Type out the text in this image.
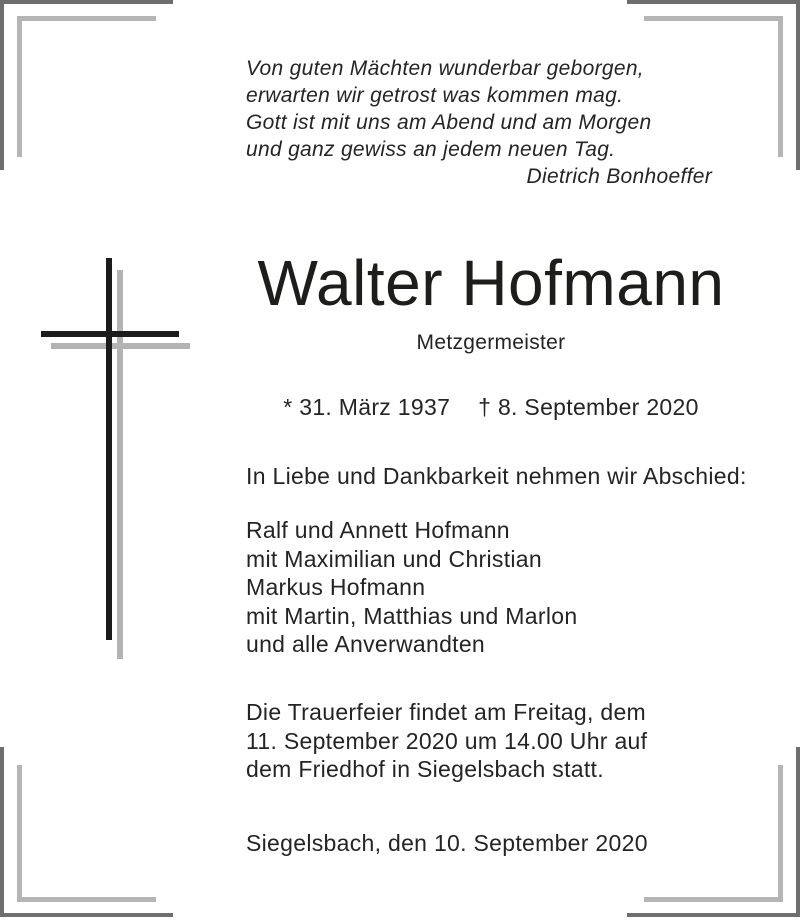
Von guten Mächten wunderbar geborgen,
erwarten wir getrost was kommen mag.
Gott ist mit uns am Abend und am Morgen
und ganz gewiss an jedem neuen Tag.
Dietrich Bonhoeffer
Walter Hofmann
Metzgermeister
* 31. März 1937 † 8. September 2020
In Liebe und Dankbarkeit nehmen wir Abschied:
Ralf und Annett Hofmann
mit Maximilian und Christian
Markus Hofmann
mit Martin, Matthias und Marlon
und alle Anverwandten
Die Trauerfeier findet am Freitag, dem
11. September 2020 um 14.00 Uhr auf
dem Friedhof in Siegelsbach statt.
Siegelsbach, den 10. September 2020
